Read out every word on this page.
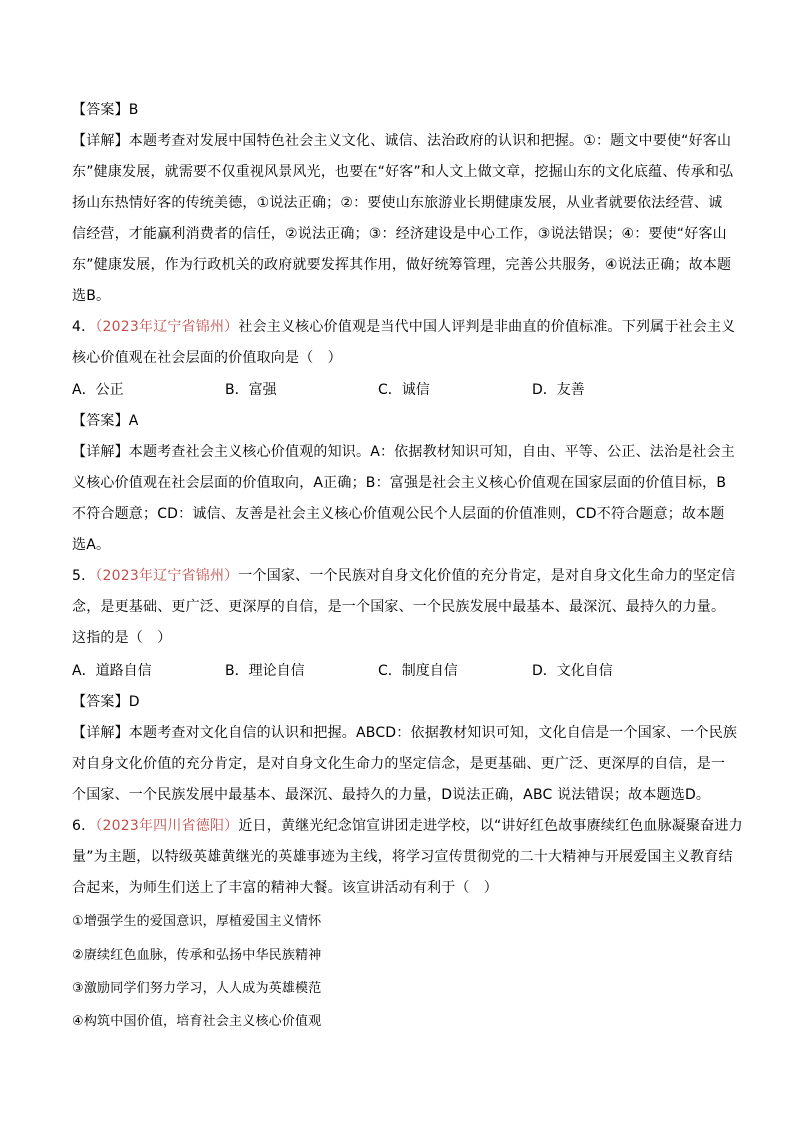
【答案】B
【详解】本题考查对发展中国特色社会主义文化、诚信、法治政府的认识和把握。①：题文中要使“好客山
东”健康发展，就需要不仅重视风景风光，也要在“好客”和人文上做文章，挖掘山东的文化底蕴、传承和弘
扬山东热情好客的传统美德，①说法正确；②：要使山东旅游业长期健康发展，从业者就要依法经营、诚
信经营，才能赢利消费者的信任，②说法正确；③：经济建设是中心工作，③说法错误；④：要使“好客山
东”健康发展，作为行政机关的政府就要发挥其作用，做好统筹管理，完善公共服务，④说法正确；故本题
选B。
4．（2023年辽宁省锦州）社会主义核心价值观是当代中国人评判是非曲直的价值标准。下列属于社会主义
核心价值观在社会层面的价值取向是（　）
A．公正	B．富强	C．诚信	D．友善
【答案】A
【详解】本题考查社会主义核心价值观的知识。A：依据教材知识可知，自由、平等、公正、法治是社会主
义核心价值观在社会层面的价值取向，A正确；B：富强是社会主义核心价值观在国家层面的价值目标，B
不符合题意；CD：诚信、友善是社会主义核心价值观公民个人层面的价值准则，CD不符合题意；故本题
选A。
5．（2023年辽宁省锦州）一个国家、一个民族对自身文化价值的充分肯定，是对自身文化生命力的坚定信
念，是更基础、更广泛、更深厚的自信，是一个国家、一个民族发展中最基本、最深沉、最持久的力量。
这指的是（　）
A．道路自信	B．理论自信	C．制度自信	D．文化自信
【答案】D
【详解】本题考查对文化自信的认识和把握。ABCD：依据教材知识可知，文化自信是一个国家、一个民族
对自身文化价值的充分肯定，是对自身文化生命力的坚定信念，是更基础、更广泛、更深厚的自信，是一
个国家、一个民族发展中最基本、最深沉、最持久的力量，D说法正确，ABC 说法错误；故本题选D。
6．（2023年四川省德阳）近日，黄继光纪念馆宣讲团走进学校，以“讲好红色故事赓续红色血脉凝聚奋进力
量”为主题，以特级英雄黄继光的英雄事迹为主线，将学习宣传贯彻党的二十大精神与开展爱国主义教育结
合起来，为师生们送上了丰富的精神大餐。该宣讲活动有利于（　）
①增强学生的爱国意识，厚植爱国主义情怀
②赓续红色血脉，传承和弘扬中华民族精神
③激励同学们努力学习，人人成为英雄模范
④构筑中国价值，培育社会主义核心价值观
